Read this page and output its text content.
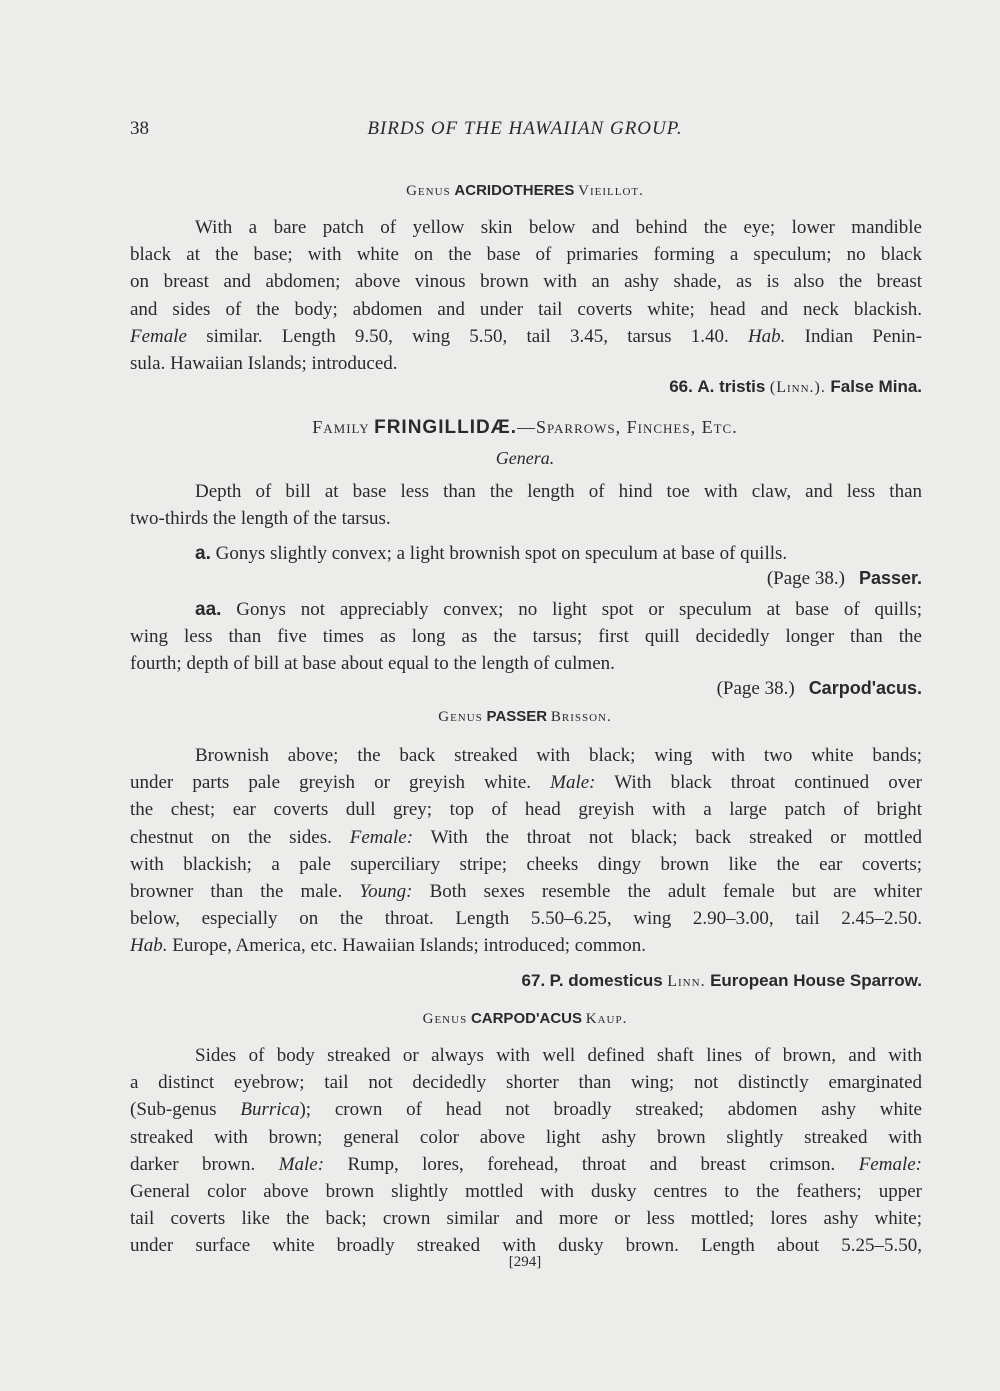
38	BIRDS OF THE HAWAIIAN GROUP.
Genus ACRIDOTHERES Vieillot.
With a bare patch of yellow skin below and behind the eye; lower mandible
black at the base; with white on the base of primaries forming a speculum; no black
on breast and abdomen; above vinous brown with an ashy shade, as is also the breast
and sides of the body; abdomen and under tail coverts white; head and neck blackish.
Female similar. Length 9.50, wing 5.50, tail 3.45, tarsus 1.40. Hab. Indian Penin-
sula. Hawaiian Islands; introduced.
66. A. tristis (Linn.). False Mina.
Family FRINGILLIDÆ.—Sparrows, Finches, Etc.
Genera.
Depth of bill at base less than the length of hind toe with claw, and less than
two-thirds the length of the tarsus.
a. Gonys slightly convex; a light brownish spot on speculum at base of quills.
(Page 38.) Passer.
aa. Gonys not appreciably convex; no light spot or speculum at base of quills;
wing less than five times as long as the tarsus; first quill decidedly longer than the
fourth; depth of bill at base about equal to the length of culmen.
(Page 38.) Carpod'acus.
Genus PASSER Brisson.
Brownish above; the back streaked with black; wing with two white bands;
under parts pale greyish or greyish white. Male: With black throat continued over
the chest; ear coverts dull grey; top of head greyish with a large patch of bright
chestnut on the sides. Female: With the throat not black; back streaked or mottled
with blackish; a pale superciliary stripe; cheeks dingy brown like the ear coverts;
browner than the male. Young: Both sexes resemble the adult female but are whiter
below, especially on the throat. Length 5.50–6.25, wing 2.90–3.00, tail 2.45–2.50.
Hab. Europe, America, etc. Hawaiian Islands; introduced; common.
67. P. domesticus Linn. European House Sparrow.
Genus CARPOD'ACUS Kaup.
Sides of body streaked or always with well defined shaft lines of brown, and with
a distinct eyebrow; tail not decidedly shorter than wing; not distinctly emarginated
(Sub-genus Burrica); crown of head not broadly streaked; abdomen ashy white
streaked with brown; general color above light ashy brown slightly streaked with
darker brown. Male: Rump, lores, forehead, throat and breast crimson. Female:
General color above brown slightly mottled with dusky centres to the feathers; upper
tail coverts like the back; crown similar and more or less mottled; lores ashy white;
under surface white broadly streaked with dusky brown. Length about 5.25–5.50,
[294]
